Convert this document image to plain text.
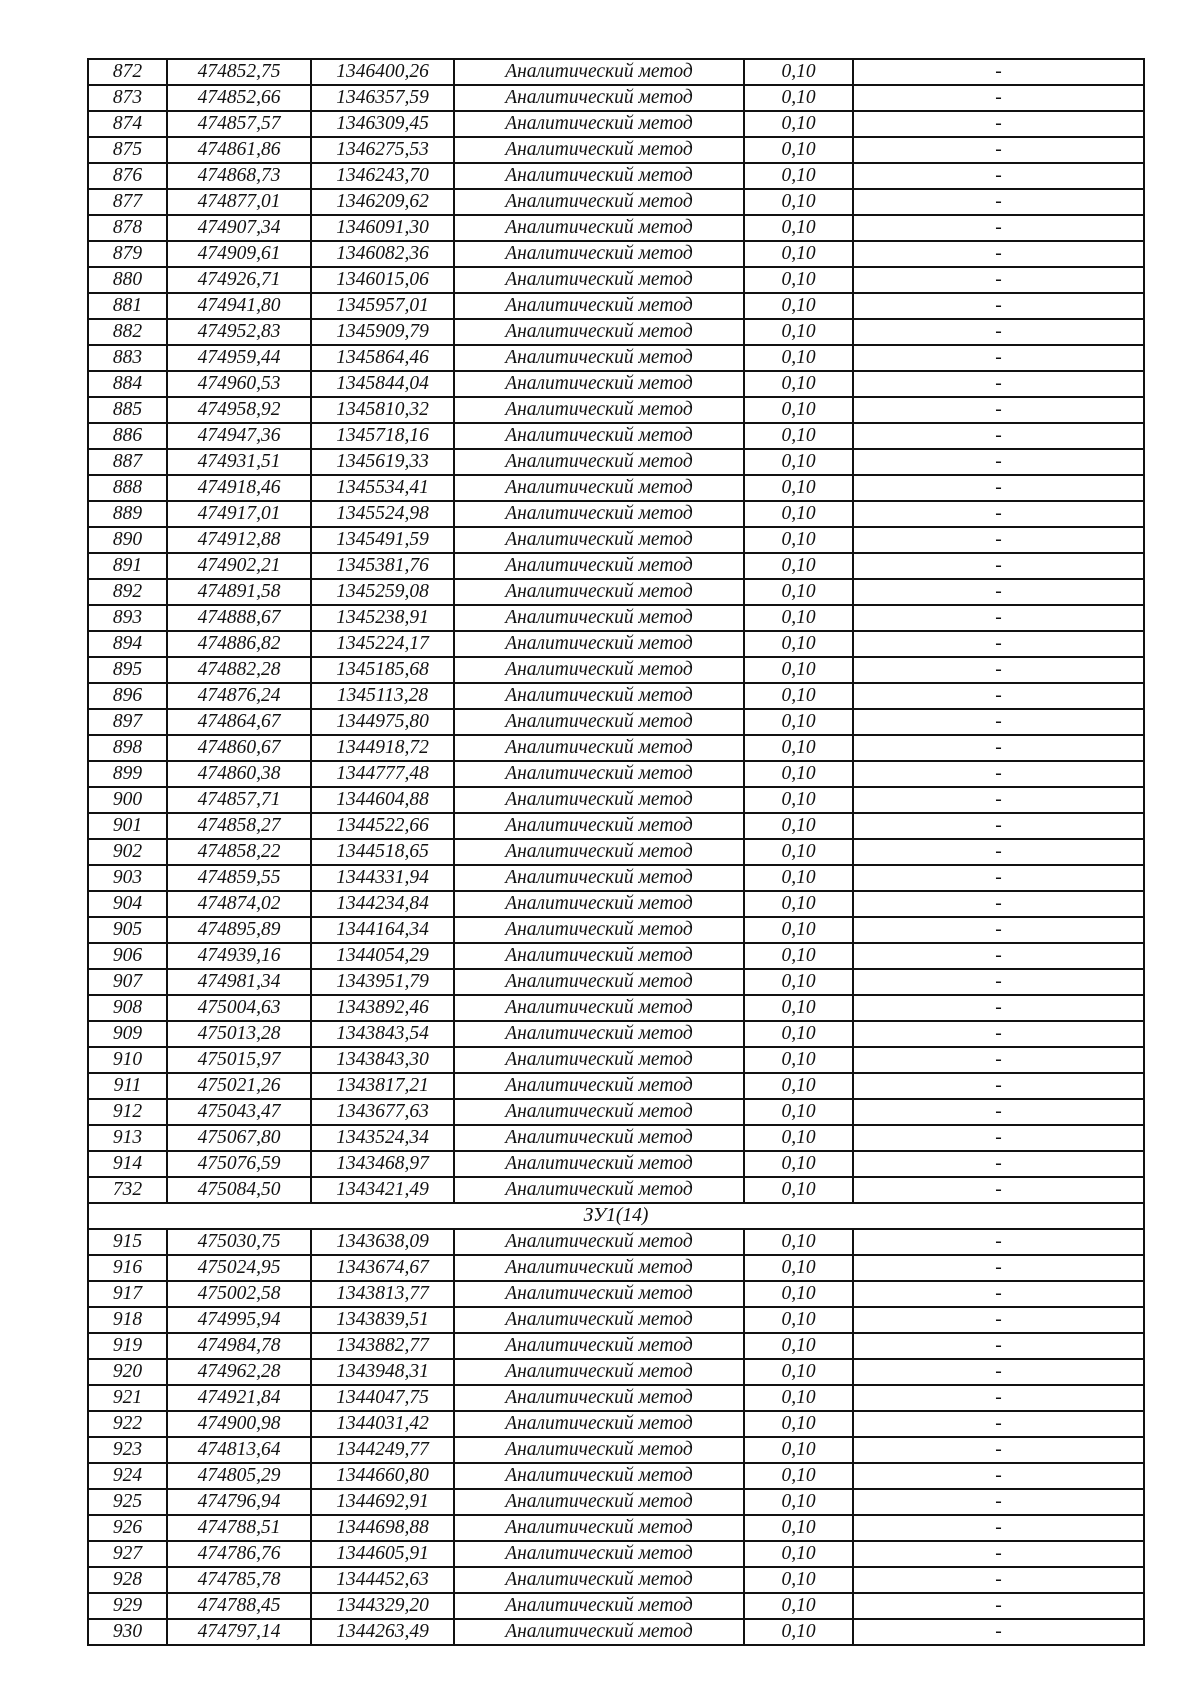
872	474852,75	1346400,26	Аналитический метод	0,10	-
873	474852,66	1346357,59	Аналитический метод	0,10	-
874	474857,57	1346309,45	Аналитический метод	0,10	-
875	474861,86	1346275,53	Аналитический метод	0,10	-
876	474868,73	1346243,70	Аналитический метод	0,10	-
877	474877,01	1346209,62	Аналитический метод	0,10	-
878	474907,34	1346091,30	Аналитический метод	0,10	-
879	474909,61	1346082,36	Аналитический метод	0,10	-
880	474926,71	1346015,06	Аналитический метод	0,10	-
881	474941,80	1345957,01	Аналитический метод	0,10	-
882	474952,83	1345909,79	Аналитический метод	0,10	-
883	474959,44	1345864,46	Аналитический метод	0,10	-
884	474960,53	1345844,04	Аналитический метод	0,10	-
885	474958,92	1345810,32	Аналитический метод	0,10	-
886	474947,36	1345718,16	Аналитический метод	0,10	-
887	474931,51	1345619,33	Аналитический метод	0,10	-
888	474918,46	1345534,41	Аналитический метод	0,10	-
889	474917,01	1345524,98	Аналитический метод	0,10	-
890	474912,88	1345491,59	Аналитический метод	0,10	-
891	474902,21	1345381,76	Аналитический метод	0,10	-
892	474891,58	1345259,08	Аналитический метод	0,10	-
893	474888,67	1345238,91	Аналитический метод	0,10	-
894	474886,82	1345224,17	Аналитический метод	0,10	-
895	474882,28	1345185,68	Аналитический метод	0,10	-
896	474876,24	1345113,28	Аналитический метод	0,10	-
897	474864,67	1344975,80	Аналитический метод	0,10	-
898	474860,67	1344918,72	Аналитический метод	0,10	-
899	474860,38	1344777,48	Аналитический метод	0,10	-
900	474857,71	1344604,88	Аналитический метод	0,10	-
901	474858,27	1344522,66	Аналитический метод	0,10	-
902	474858,22	1344518,65	Аналитический метод	0,10	-
903	474859,55	1344331,94	Аналитический метод	0,10	-
904	474874,02	1344234,84	Аналитический метод	0,10	-
905	474895,89	1344164,34	Аналитический метод	0,10	-
906	474939,16	1344054,29	Аналитический метод	0,10	-
907	474981,34	1343951,79	Аналитический метод	0,10	-
908	475004,63	1343892,46	Аналитический метод	0,10	-
909	475013,28	1343843,54	Аналитический метод	0,10	-
910	475015,97	1343843,30	Аналитический метод	0,10	-
911	475021,26	1343817,21	Аналитический метод	0,10	-
912	475043,47	1343677,63	Аналитический метод	0,10	-
913	475067,80	1343524,34	Аналитический метод	0,10	-
914	475076,59	1343468,97	Аналитический метод	0,10	-
732	475084,50	1343421,49	Аналитический метод	0,10	-
ЗУ1(14)					
915	475030,75	1343638,09	Аналитический метод	0,10	-
916	475024,95	1343674,67	Аналитический метод	0,10	-
917	475002,58	1343813,77	Аналитический метод	0,10	-
918	474995,94	1343839,51	Аналитический метод	0,10	-
919	474984,78	1343882,77	Аналитический метод	0,10	-
920	474962,28	1343948,31	Аналитический метод	0,10	-
921	474921,84	1344047,75	Аналитический метод	0,10	-
922	474900,98	1344031,42	Аналитический метод	0,10	-
923	474813,64	1344249,77	Аналитический метод	0,10	-
924	474805,29	1344660,80	Аналитический метод	0,10	-
925	474796,94	1344692,91	Аналитический метод	0,10	-
926	474788,51	1344698,88	Аналитический метод	0,10	-
927	474786,76	1344605,91	Аналитический метод	0,10	-
928	474785,78	1344452,63	Аналитический метод	0,10	-
929	474788,45	1344329,20	Аналитический метод	0,10	-
930	474797,14	1344263,49	Аналитический метод	0,10	-
